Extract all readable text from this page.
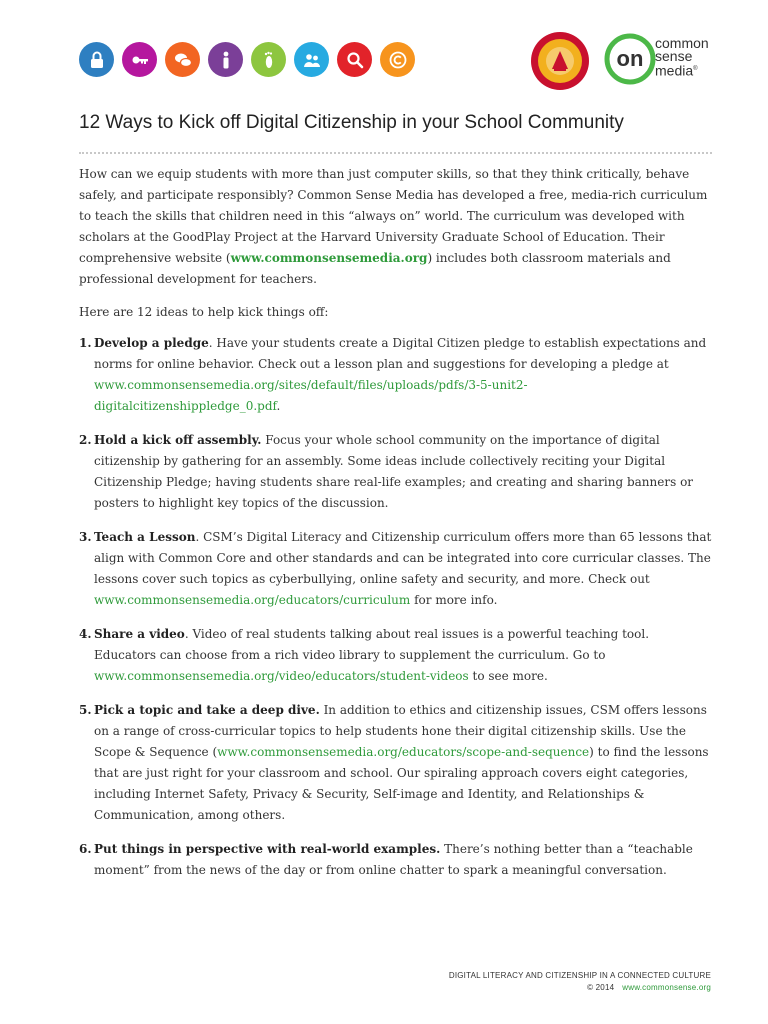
on
common
sense
media®
12 Ways to Kick off Digital Citizenship in your School Community

How can we equip students with more than just computer skills, so that they think critically, behave safely, and participate responsibly? Common Sense Media has developed a free, media-rich curriculum to teach the skills that children need in this “always on” world. The curriculum was developed with scholars at the GoodPlay Project at the Harvard University Graduate School of Education. Their comprehensive website (www.commonsensemedia.org) includes both classroom materials and professional development for teachers.

Here are 12 ideas to help kick things off:

1. Develop a pledge. Have your students create a Digital Citizen pledge to establish expectations and norms for online behavior. Check out a lesson plan and suggestions for developing a pledge at www.commonsensemedia.org/sites/default/files/uploads/pdfs/3-5-unit2-digitalcitizenshippledge_0.pdf.
2. Hold a kick off assembly. Focus your whole school community on the importance of digital citizenship by gathering for an assembly. Some ideas include collectively reciting your Digital Citizenship Pledge; having students share real-life examples; and creating and sharing banners or posters to highlight key topics of the discussion.
3. Teach a Lesson. CSM’s Digital Literacy and Citizenship curriculum offers more than 65 lessons that align with Common Core and other standards and can be integrated into core curricular classes. The lessons cover such topics as cyberbullying, online safety and security, and more. Check out www.commonsensemedia.org/educators/curriculum for more info.
4. Share a video. Video of real students talking about real issues is a powerful teaching tool. Educators can choose from a rich video library to supplement the curriculum. Go to www.commonsensemedia.org/video/educators/student-videos to see more.
5. Pick a topic and take a deep dive. In addition to ethics and citizenship issues, CSM offers lessons on a range of cross-curricular topics to help students hone their digital citizenship skills. Use the Scope & Sequence (www.commonsensemedia.org/educators/scope-and-sequence) to find the lessons that are just right for your classroom and school. Our spiraling approach covers eight categories, including Internet Safety, Privacy & Security, Self-image and Identity, and Relationships & Communication, among others.
6. Put things in perspective with real-world examples. There’s nothing better than a “teachable moment” from the news of the day or from online chatter to spark a meaningful conversation.
DIGITAL LITERACY AND CITIZENSHIP IN A CONNECTED CULTURE
© 2014 www.commonsense.org
